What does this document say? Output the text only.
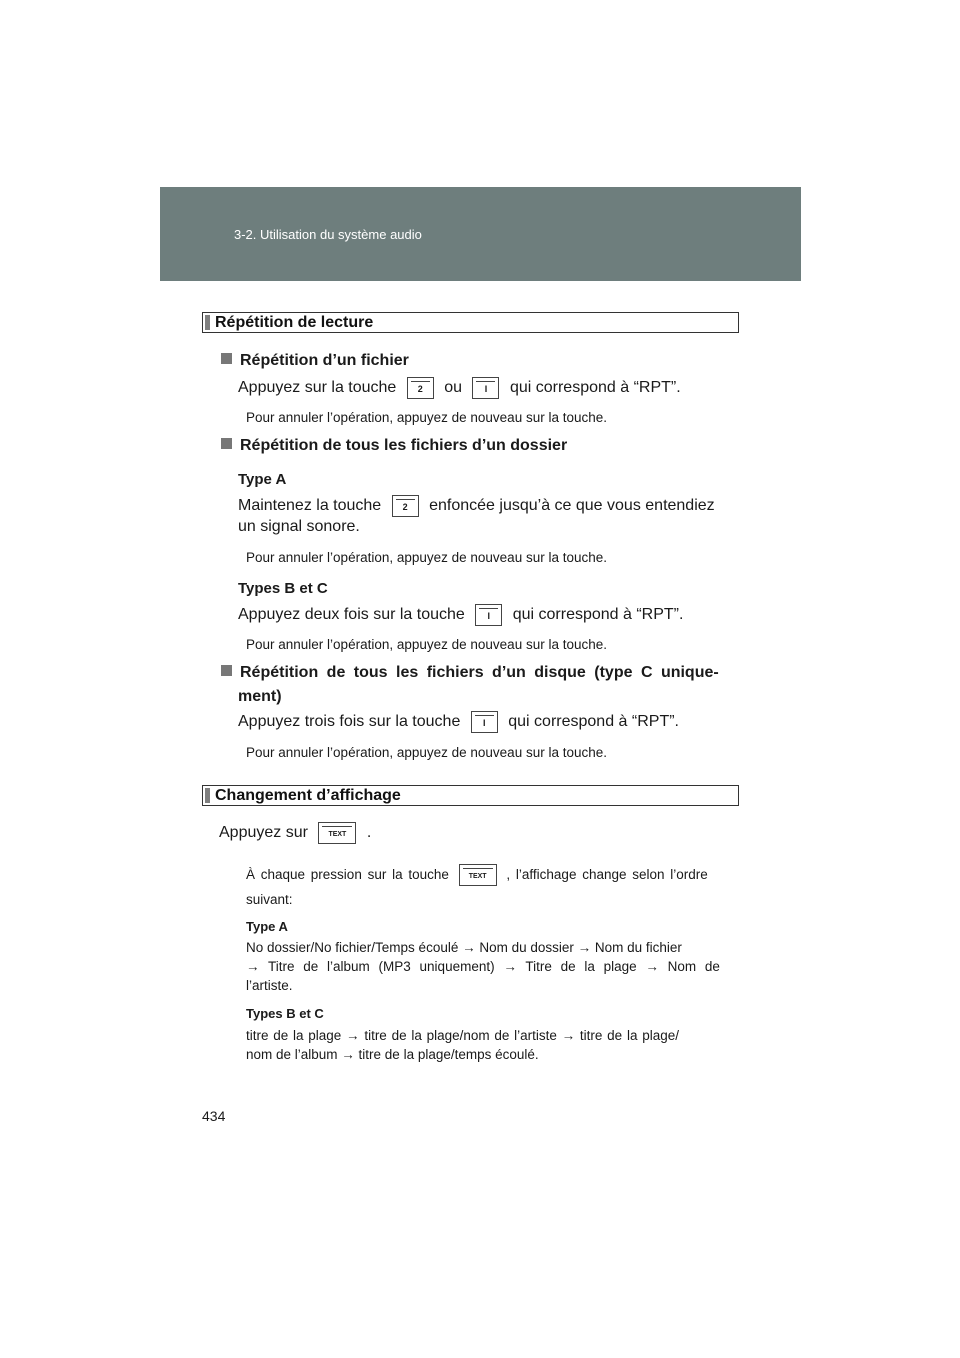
3-2. Utilisation du système audio
Répétition de lecture
Répétition d’un fichier
Appuyez sur la touche	2	ou	I	qui correspond à “RPT”.
Pour annuler l’opération, appuyez de nouveau sur la touche.
Répétition de tous les fichiers d’un dossier
Type A
Maintenez la touche	2	enfoncée jusqu’à ce que vous entendiez
un signal sonore.
Pour annuler l’opération, appuyez de nouveau sur la touche.
Types B et C
Appuyez deux fois sur la touche	I	qui correspond à “RPT”.
Pour annuler l’opération, appuyez de nouveau sur la touche.
Répétition de tous les fichiers d’un disque (type C unique-
ment)
Appuyez trois fois sur la touche	I	qui correspond à “RPT”.
Pour annuler l’opération, appuyez de nouveau sur la touche.
Changement d’affichage
Appuyez sur	TEXT	.
À chaque pression sur la touche	TEXT	, l’affichage change selon l’ordre
suivant:
Type A
No dossier/No fichier/Temps écoulé → Nom du dossier → Nom du fichier
→ Titre de l’album (MP3 uniquement) → Titre de la plage → Nom de
l’artiste.
Types B et C
titre de la plage → titre de la plage/nom de l’artiste → titre de la plage/
nom de l’album → titre de la plage/temps écoulé.
434
